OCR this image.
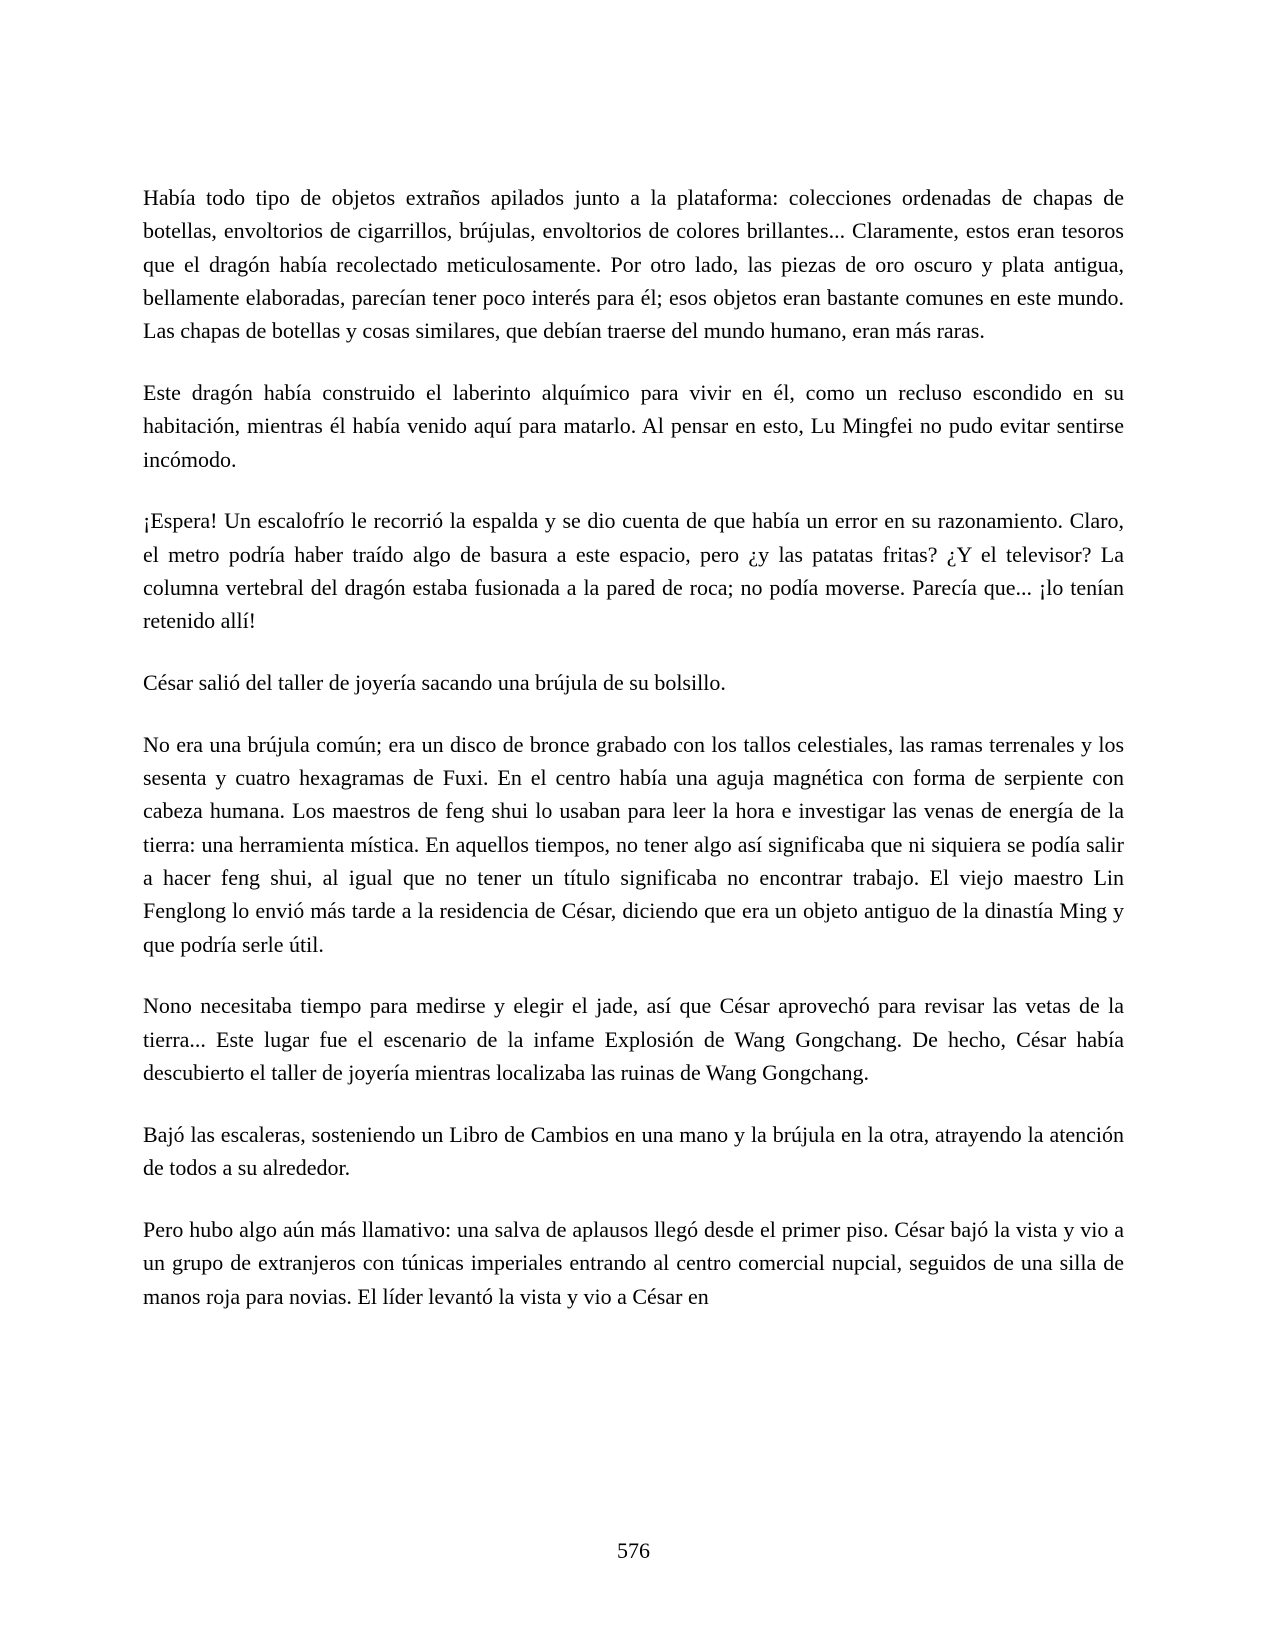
Había todo tipo de objetos extraños apilados junto a la plataforma: colecciones ordenadas de chapas de botellas, envoltorios de cigarrillos, brújulas, envoltorios de colores brillantes... Claramente, estos eran tesoros que el dragón había recolectado meticulosamente. Por otro lado, las piezas de oro oscuro y plata antigua, bellamente elaboradas, parecían tener poco interés para él; esos objetos eran bastante comunes en este mundo. Las chapas de botellas y cosas similares, que debían traerse del mundo humano, eran más raras.

Este dragón había construido el laberinto alquímico para vivir en él, como un recluso escondido en su habitación, mientras él había venido aquí para matarlo. Al pensar en esto, Lu Mingfei no pudo evitar sentirse incómodo.

¡Espera! Un escalofrío le recorrió la espalda y se dio cuenta de que había un error en su razonamiento. Claro, el metro podría haber traído algo de basura a este espacio, pero ¿y las patatas fritas? ¿Y el televisor? La columna vertebral del dragón estaba fusionada a la pared de roca; no podía moverse. Parecía que... ¡lo tenían retenido allí!

César salió del taller de joyería sacando una brújula de su bolsillo.

No era una brújula común; era un disco de bronce grabado con los tallos celestiales, las ramas terrenales y los sesenta y cuatro hexagramas de Fuxi. En el centro había una aguja magnética con forma de serpiente con cabeza humana. Los maestros de feng shui lo usaban para leer la hora e investigar las venas de energía de la tierra: una herramienta mística. En aquellos tiempos, no tener algo así significaba que ni siquiera se podía salir a hacer feng shui, al igual que no tener un título significaba no encontrar trabajo. El viejo maestro Lin Fenglong lo envió más tarde a la residencia de César, diciendo que era un objeto antiguo de la dinastía Ming y que podría serle útil.

Nono necesitaba tiempo para medirse y elegir el jade, así que César aprovechó para revisar las vetas de la tierra... Este lugar fue el escenario de la infame Explosión de Wang Gongchang. De hecho, César había descubierto el taller de joyería mientras localizaba las ruinas de Wang Gongchang.

Bajó las escaleras, sosteniendo un Libro de Cambios en una mano y la brújula en la otra, atrayendo la atención de todos a su alrededor.

Pero hubo algo aún más llamativo: una salva de aplausos llegó desde el primer piso. César bajó la vista y vio a un grupo de extranjeros con túnicas imperiales entrando al centro comercial nupcial, seguidos de una silla de manos roja para novias. El líder levantó la vista y vio a César en

576
